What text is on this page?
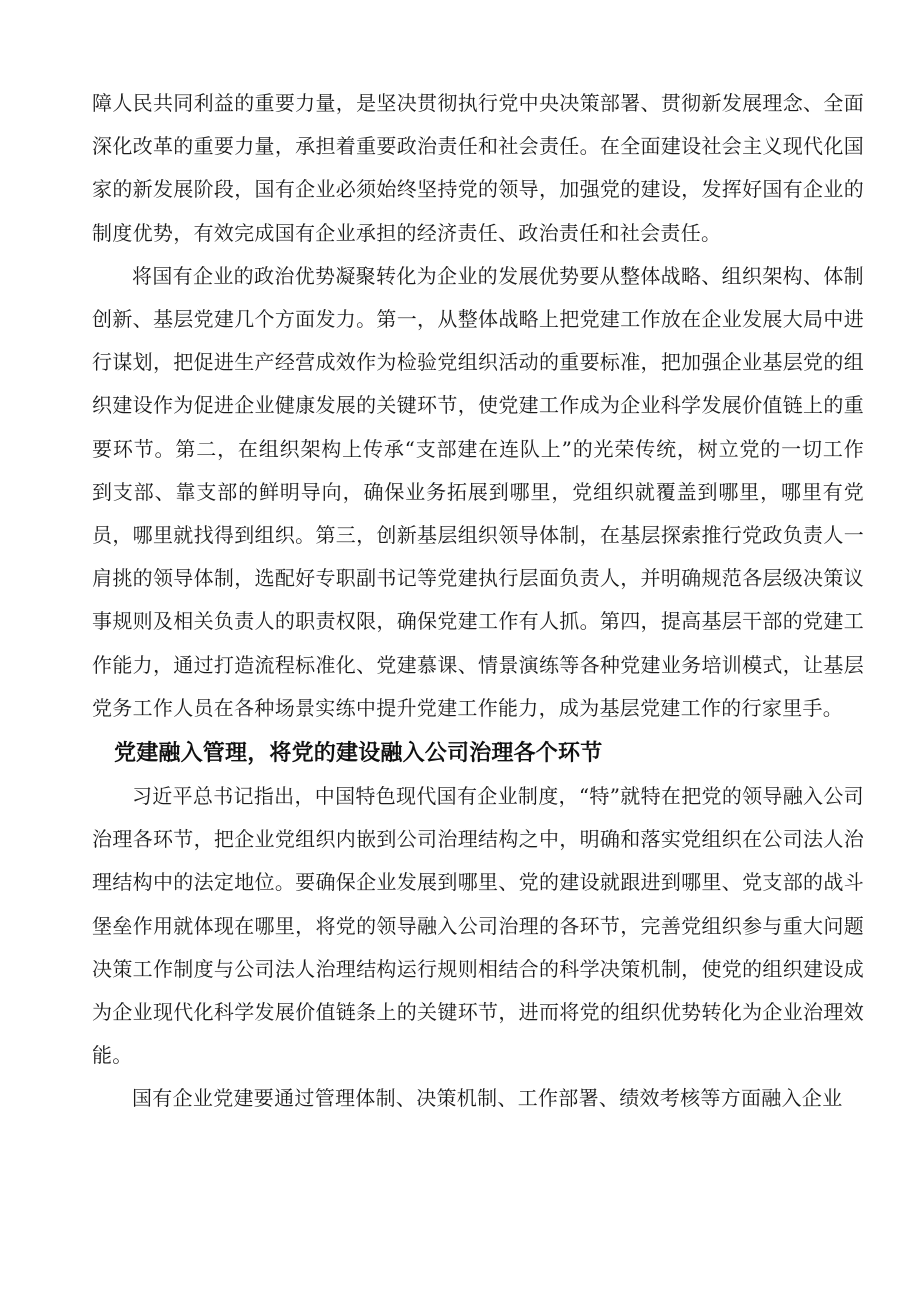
障人民共同利益的重要力量，是坚决贯彻执行党中央决策部署、贯彻新发展理念、全面深化改革的重要力量，承担着重要政治责任和社会责任。在全面建设社会主义现代化国家的新发展阶段，国有企业必须始终坚持党的领导，加强党的建设，发挥好国有企业的制度优势，有效完成国有企业承担的经济责任、政治责任和社会责任。

将国有企业的政治优势凝聚转化为企业的发展优势要从整体战略、组织架构、体制创新、基层党建几个方面发力。第一，从整体战略上把党建工作放在企业发展大局中进行谋划，把促进生产经营成效作为检验党组织活动的重要标准，把加强企业基层党的组织建设作为促进企业健康发展的关键环节，使党建工作成为企业科学发展价值链上的重要环节。第二，在组织架构上传承“支部建在连队上”的光荣传统，树立党的一切工作到支部、靠支部的鲜明导向，确保业务拓展到哪里，党组织就覆盖到哪里，哪里有党员，哪里就找得到组织。第三，创新基层组织领导体制，在基层探索推行党政负责人一肩挑的领导体制，选配好专职副书记等党建执行层面负责人，并明确规范各层级决策议事规则及相关负责人的职责权限，确保党建工作有人抓。第四，提高基层干部的党建工作能力，通过打造流程标准化、党建慕课、情景演练等各种党建业务培训模式，让基层党务工作人员在各种场景实练中提升党建工作能力，成为基层党建工作的行家里手。

党建融入管理，将党的建设融入公司治理各个环节

习近平总书记指出，中国特色现代国有企业制度，“特”就特在把党的领导融入公司治理各环节，把企业党组织内嵌到公司治理结构之中，明确和落实党组织在公司法人治理结构中的法定地位。要确保企业发展到哪里、党的建设就跟进到哪里、党支部的战斗堡垒作用就体现在哪里，将党的领导融入公司治理的各环节，完善党组织参与重大问题决策工作制度与公司法人治理结构运行规则相结合的科学决策机制，使党的组织建设成为企业现代化科学发展价值链条上的关键环节，进而将党的组织优势转化为企业治理效能。

国有企业党建要通过管理体制、决策机制、工作部署、绩效考核等方面融入企业
